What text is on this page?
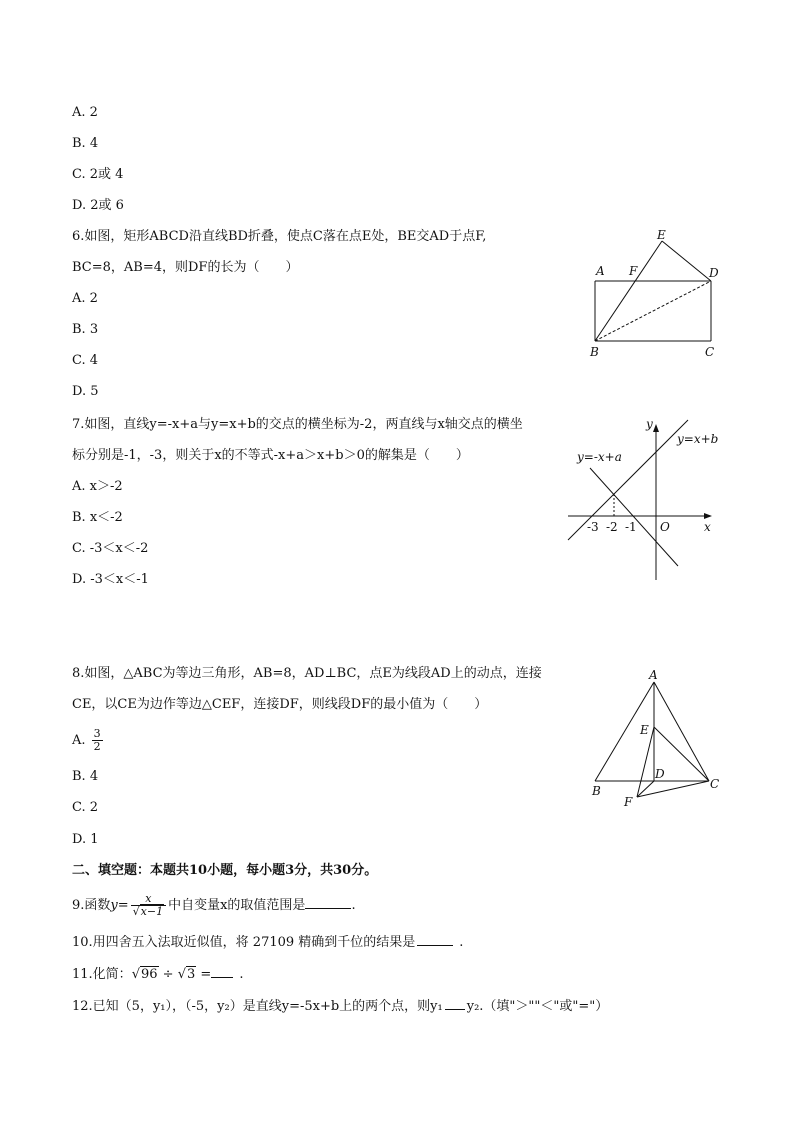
A. 2
B. 4
C. 2或 4
D. 2或 6
6.如图，矩形ABCD沿直线BD折叠，使点C落在点E处，BE交AD于点F,
BC=8，AB=4，则DF的长为（　　）
A. 2
B. 3
C. 4
D. 5
E
A F	D
B	C
7.如图，直线y=-x+a与y=x+b的交点的横坐标为-2，两直线与x轴交点的横坐
标分别是-1，-3，则关于x的不等式-x+a＞x+b＞0的解集是（　　）
A. x＞-2
B. x＜-2
C. -3＜x＜-2
D. -3＜x＜-1
y
y=x+b
y=-x+a
-3 -2 -1 O	x
8.如图，△ABC为等边三角形，AB=8，AD⊥BC，点E为线段AD上的动点，连接
CE，以CE为边作等边△CEF，连接DF，则线段DF的最小值为（　　）
A. $\frac{3}{2}$
B. 4
C. 2
D. 1
A
E
D
B
F
C
二、填空题：本题共10小题，每小题3分，共30分。
9.函数$y= \frac{x}{√x-1}$ 中自变量x的取值范围是	.
10.用四舍五入法取近似值，将 27109 精确到千位的结果是	.
11.化简：√96 ÷ √3 = .
12.已知（5，y₁），（-5，y₂）是直线y=-5x+b上的两个点，则y₁ y₂.（填"＞""＜"或"="）
